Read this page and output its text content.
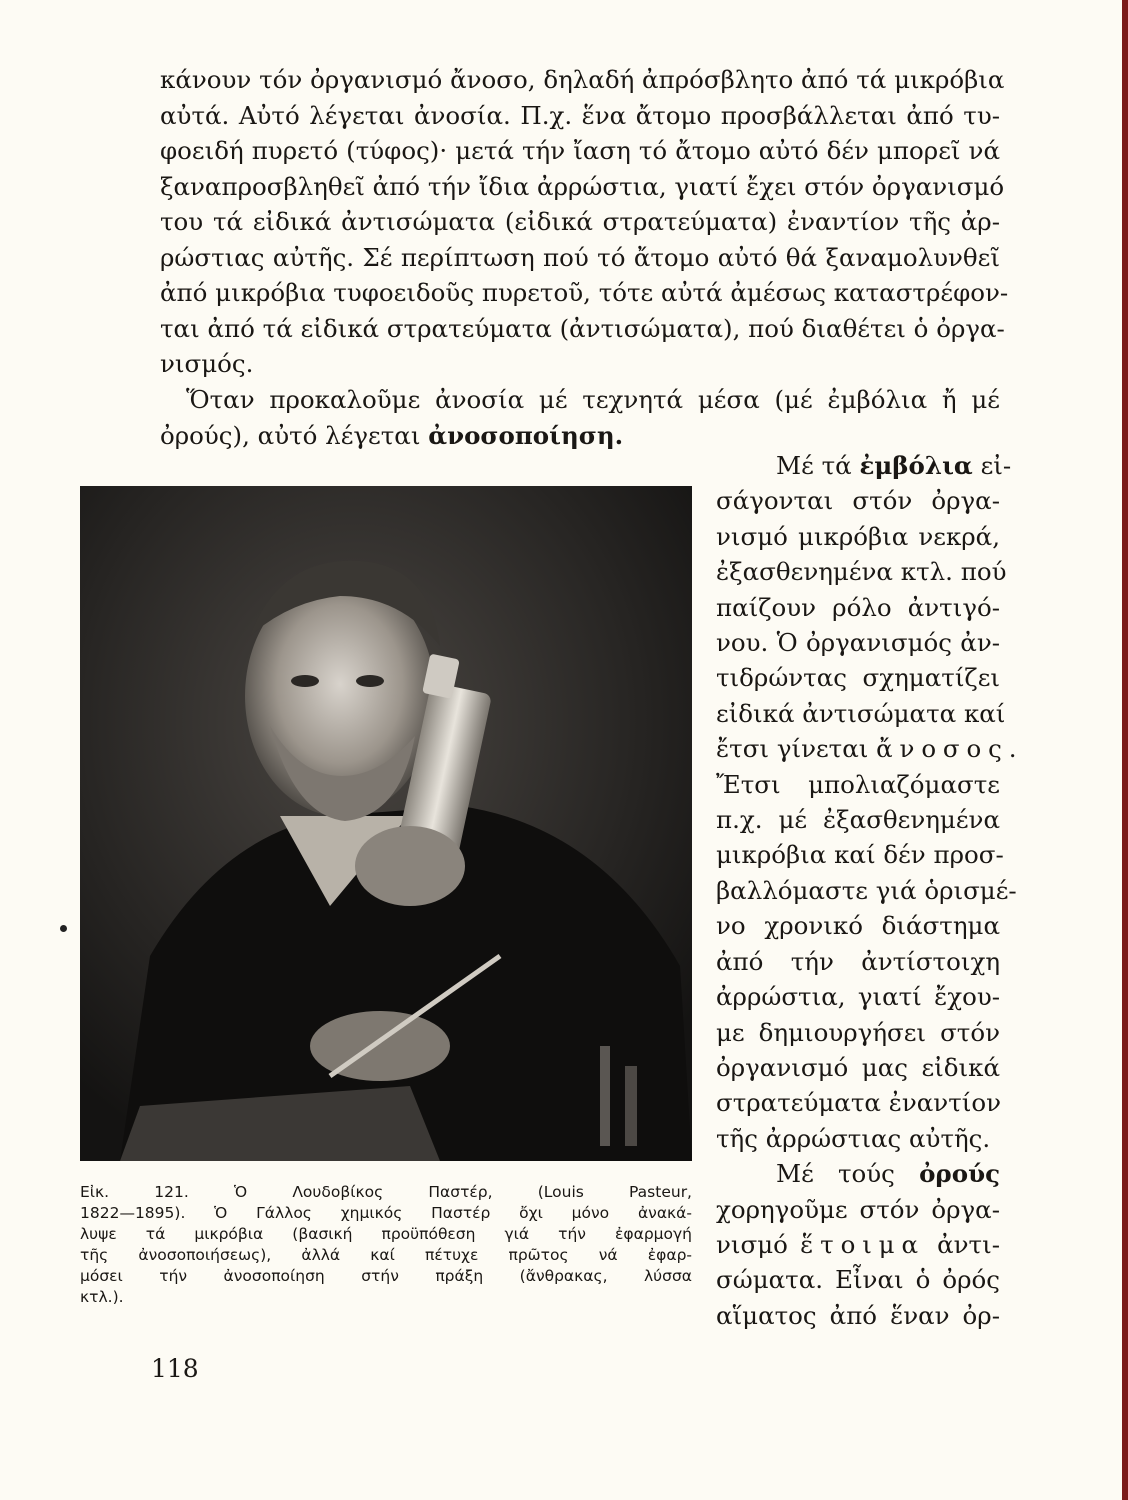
κάνουν τόν ὀργανισμό ἄνοσο, δηλαδή ἀπρόσβλητο ἀπό τά μικρόβια
αὐτά. Αὐτό λέγεται ἀνοσία. Π.χ. ἕνα ἄτομο προσβάλλεται ἀπό τυ-
φοειδή πυρετό (τύφος)· μετά τήν ἴαση τό ἄτομο αὐτό δέν μπορεῖ νά
ξαναπροσβληθεῖ ἀπό τήν ἴδια ἀρρώστια, γιατί ἔχει στόν ὀργανισμό
του τά εἰδικά ἀντισώματα (εἰδικά στρατεύματα) ἐναντίον τῆς ἀρ-
ρώστιας αὐτῆς. Σέ περίπτωση πού τό ἄτομο αὐτό θά ξαναμολυνθεῖ
ἀπό μικρόβια τυφοειδοῦς πυρετοῦ, τότε αὐτά ἀμέσως καταστρέφον-
ται ἀπό τά εἰδικά στρατεύματα (ἀντισώματα), πού διαθέτει ὁ ὀργα-
νισμός.
Ὅταν προκαλοῦμε ἀνοσία μέ τεχνητά μέσα (μέ ἐμβόλια ἤ μέ
ὀρούς), αὐτό λέγεται ἀνοσοποίηση.
Εἰκ. 121. Ὁ Λουδοβίκος Παστέρ, (Louis Pasteur,
1822—1895). Ὁ Γάλλος χημικός Παστέρ ὄχι μόνο ἀνακά-
λυψε τά μικρόβια (βασική προϋπόθεση γιά τήν ἐφαρμογή
τῆς ἀνοσοποιήσεως), ἀλλά καί πέτυχε πρῶτος νά ἐφαρ-
μόσει τήν ἀνοσοποίηση στήν πράξη (ἄνθρακας, λύσσα
κτλ.).
Μέ τά ἐμβόλια εἰ-
σάγονται στόν ὀργα-
νισμό μικρόβια νεκρά,
ἐξασθενημένα κτλ. πού
παίζουν ρόλο ἀντιγό-
νου. Ὁ ὀργανισμός ἀν-
τιδρώντας σχηματίζει
εἰδικά ἀντισώματα καί
ἔτσι γίνεται ἄνοσος.
Ἔτσι μπολιαζόμαστε
π.χ. μέ ἐξασθενημένα
μικρόβια καί δέν προσ-
βαλλόμαστε γιά ὁρισμέ-
νο χρονικό διάστημα
ἀπό τήν ἀντίστοιχη
ἀρρώστια, γιατί ἔχου-
με δημιουργήσει στόν
ὀργανισμό μας εἰδικά
στρατεύματα ἐναντίον
τῆς ἀρρώστιας αὐτῆς.
Μέ τούς ὀρούς
χορηγοῦμε στόν ὀργα-
νισμό ἕτοιμα ἀντι-
σώματα. Εἶναι ὁ ὀρός
αἵματος ἀπό ἕναν ὀρ-
118
